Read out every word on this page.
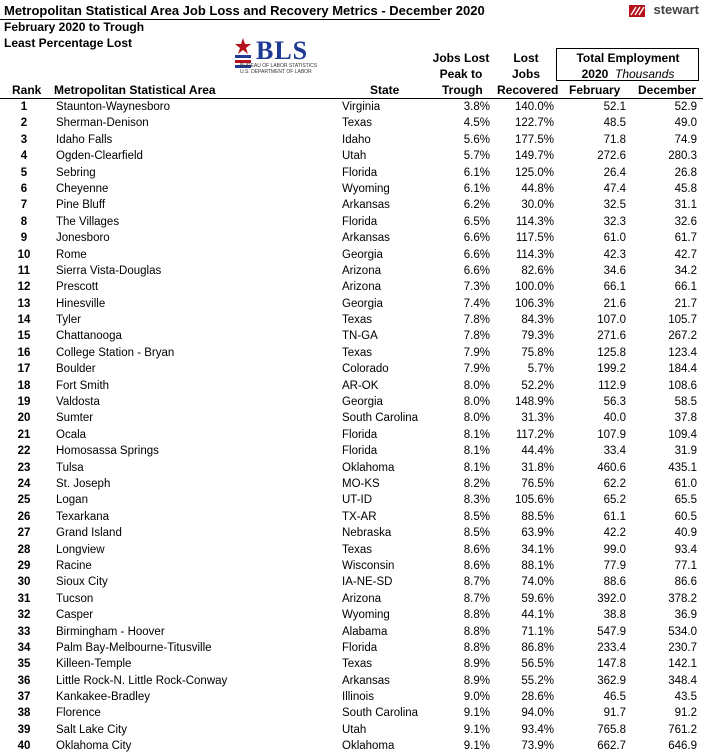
Metropolitan Statistical Area Job Loss and Recovery Metrics - December 2020
February 2020 to Trough
Least Percentage Lost
stewart
BLS
BUREAU OF LABOR STATISTICS
U.S. DEPARTMENT OF LABOR
Jobs Lost
Peak to
Lost
Jobs
Total Employment
2020 Thousands
Rank Metropolitan Statistical Area	State	Trough Recovered February December
1	Staunton-Waynesboro	Virginia	3.8%	140.0%	52.1	52.9
2	Sherman-Denison	Texas	4.5%	122.7%	48.5	49.0
3	Idaho Falls	Idaho	5.6%	177.5%	71.8	74.9
4	Ogden-Clearfield	Utah	5.7%	149.7%	272.6	280.3
5	Sebring	Florida	6.1%	125.0%	26.4	26.8
6	Cheyenne	Wyoming	6.1%	44.8%	47.4	45.8
7	Pine Bluff	Arkansas	6.2%	30.0%	32.5	31.1
8	The Villages	Florida	6.5%	114.3%	32.3	32.6
9	Jonesboro	Arkansas	6.6%	117.5%	61.0	61.7
10	Rome	Georgia	6.6%	114.3%	42.3	42.7
11	Sierra Vista-Douglas	Arizona	6.6%	82.6%	34.6	34.2
12	Prescott	Arizona	7.3%	100.0%	66.1	66.1
13	Hinesville	Georgia	7.4%	106.3%	21.6	21.7
14	Tyler	Texas	7.8%	84.3%	107.0	105.7
15	Chattanooga	TN-GA	7.8%	79.3%	271.6	267.2
16	College Station - Bryan	Texas	7.9%	75.8%	125.8	123.4
17	Boulder	Colorado	7.9%	5.7%	199.2	184.4
18	Fort Smith	AR-OK	8.0%	52.2%	112.9	108.6
19	Valdosta	Georgia	8.0%	148.9%	56.3	58.5
20	Sumter	South Carolina	8.0%	31.3%	40.0	37.8
21	Ocala	Florida	8.1%	117.2%	107.9	109.4
22	Homosassa Springs	Florida	8.1%	44.4%	33.4	31.9
23	Tulsa	Oklahoma	8.1%	31.8%	460.6	435.1
24	St. Joseph	MO-KS	8.2%	76.5%	62.2	61.0
25	Logan	UT-ID	8.3%	105.6%	65.2	65.5
26	Texarkana	TX-AR	8.5%	88.5%	61.1	60.5
27	Grand Island	Nebraska	8.5%	63.9%	42.2	40.9
28	Longview	Texas	8.6%	34.1%	99.0	93.4
29	Racine	Wisconsin	8.6%	88.1%	77.9	77.1
30	Sioux City	IA-NE-SD	8.7%	74.0%	88.6	86.6
31	Tucson	Arizona	8.7%	59.6%	392.0	378.2
32	Casper	Wyoming	8.8%	44.1%	38.8	36.9
33	Birmingham - Hoover	Alabama	8.8%	71.1%	547.9	534.0
34	Palm Bay-Melbourne-Titusville	Florida	8.8%	86.8%	233.4	230.7
35	Killeen-Temple	Texas	8.9%	56.5%	147.8	142.1
36	Little Rock-N. Little Rock-Conway	Arkansas	8.9%	55.2%	362.9	348.4
37	Kankakee-Bradley	Illinois	9.0%	28.6%	46.5	43.5
38	Florence	South Carolina	9.1%	94.0%	91.7	91.2
39	Salt Lake City	Utah	9.1%	93.4%	765.8	761.2
40	Oklahoma City	Oklahoma	9.1%	73.9%	662.7	646.9
